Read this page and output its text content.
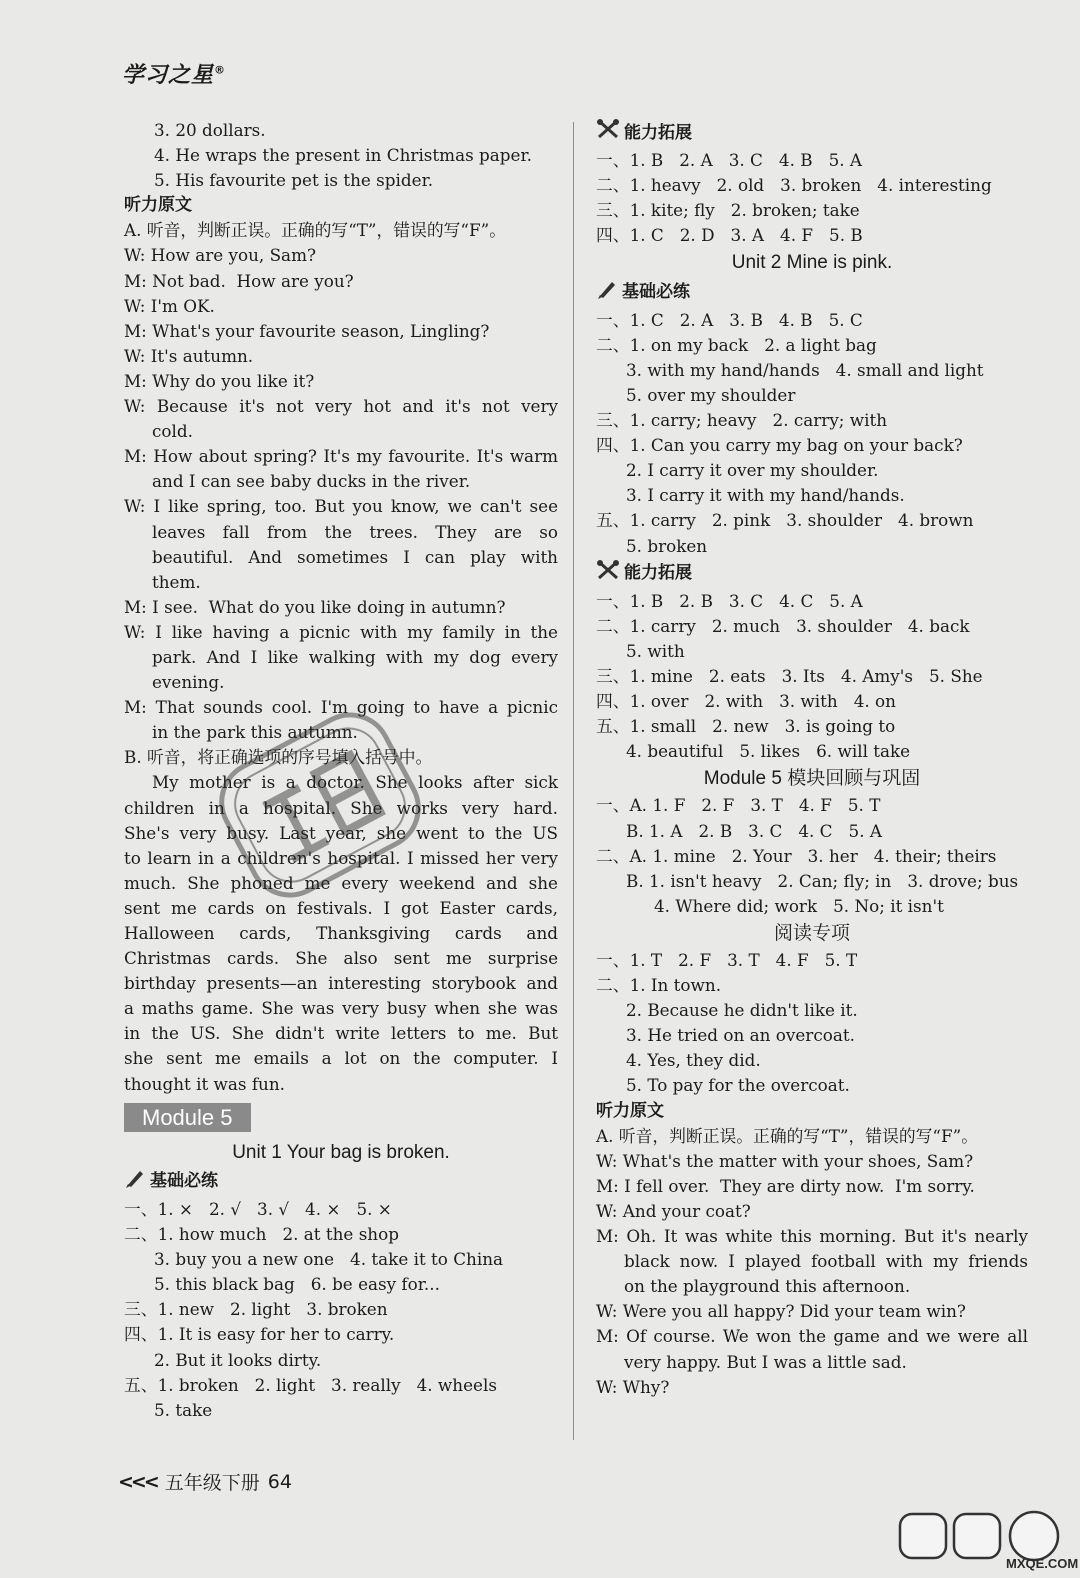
学习之星®
3. 20 dollars.
4. He wraps the present in Christmas paper.
5. His favourite pet is the spider.
听力原文
A. 听音，判断正误。正确的写“T”，错误的写“F”。
W: How are you, Sam?
M: Not bad.  How are you?
W: I'm OK.
M: What's your favourite season, Lingling?
W: It's autumn.
M: Why do you like it?
W: Because it's not very hot and it's not very
cold.
M: How about spring? It's my favourite. It's warm
and I can see baby ducks in the river.
W: I like spring, too. But you know, we can't see
leaves fall from the trees. They are so
beautiful. And sometimes I can play with
them.
M: I see.  What do you like doing in autumn?
W: I like having a picnic with my family in the
park. And I like walking with my dog every
evening.
M: That sounds cool. I'm going to have a picnic
in the park this autumn.
B. 听音，将正确选项的序号填入括号中。
My mother is a doctor. She looks after sick
children in a hospital. She works very hard.
She's very busy. Last year, she went to the US
to learn in a children's hospital. I missed her very
much. She phoned me every weekend and she
sent me cards on festivals. I got Easter cards,
Halloween cards, Thanksgiving cards and
Christmas cards. She also sent me surprise
birthday presents—an interesting storybook and
a maths game. She was very busy when she was
in the US. She didn't write letters to me. But
she sent me emails a lot on the computer. I
thought it was fun.
Module 5
Unit 1 Your bag is broken.
基础必练
一、1. ×   2. √   3. √   4. ×   5. ×
二、1. how much   2. at the shop
3. buy you a new one   4. take it to China
5. this black bag   6. be easy for...
三、1. new   2. light   3. broken
四、1. It is easy for her to carry.
2. But it looks dirty.
五、1. broken   2. light   3. really   4. wheels
5. take
能力拓展
一、1. B   2. A   3. C   4. B   5. A
二、1. heavy   2. old   3. broken   4. interesting
三、1. kite; fly   2. broken; take
四、1. C   2. D   3. A   4. F   5. B
Unit 2 Mine is pink.
基础必练
一、1. C   2. A   3. B   4. B   5. C
二、1. on my back   2. a light bag
3. with my hand/hands   4. small and light
5. over my shoulder
三、1. carry; heavy   2. carry; with
四、1. Can you carry my bag on your back?
2. I carry it over my shoulder.
3. I carry it with my hand/hands.
五、1. carry   2. pink   3. shoulder   4. brown
5. broken
能力拓展
一、1. B   2. B   3. C   4. C   5. A
二、1. carry   2. much   3. shoulder   4. back
5. with
三、1. mine   2. eats   3. Its   4. Amy's   5. She
四、1. over   2. with   3. with   4. on
五、1. small   2. new   3. is going to
4. beautiful   5. likes   6. will take
Module 5 模块回顾与巩固
一、A. 1. F   2. F   3. T   4. F   5. T
B. 1. A   2. B   3. C   4. C   5. A
二、A. 1. mine   2. Your   3. her   4. their; theirs
B. 1. isn't heavy   2. Can; fly; in   3. drove; bus
4. Where did; work   5. No; it isn't
阅读专项
一、1. T   2. F   3. T   4. F   5. T
二、1. In town.
2. Because he didn't like it.
3. He tried on an overcoat.
4. Yes, they did.
5. To pay for the overcoat.
听力原文
A. 听音，判断正误。正确的写“T”，错误的写“F”。
W: What's the matter with your shoes, Sam?
M: I fell over.  They are dirty now.  I'm sorry.
W: And your coat?
M: Oh. It was white this morning. But it's nearly
black now. I played football with my friends
on the playground this afternoon.
W: Were you all happy? Did your team win?
M: Of course. We won the game and we were all
very happy. But I was a little sad.
W: Why?
<<< 五年级下册 64
MXQE.COM
